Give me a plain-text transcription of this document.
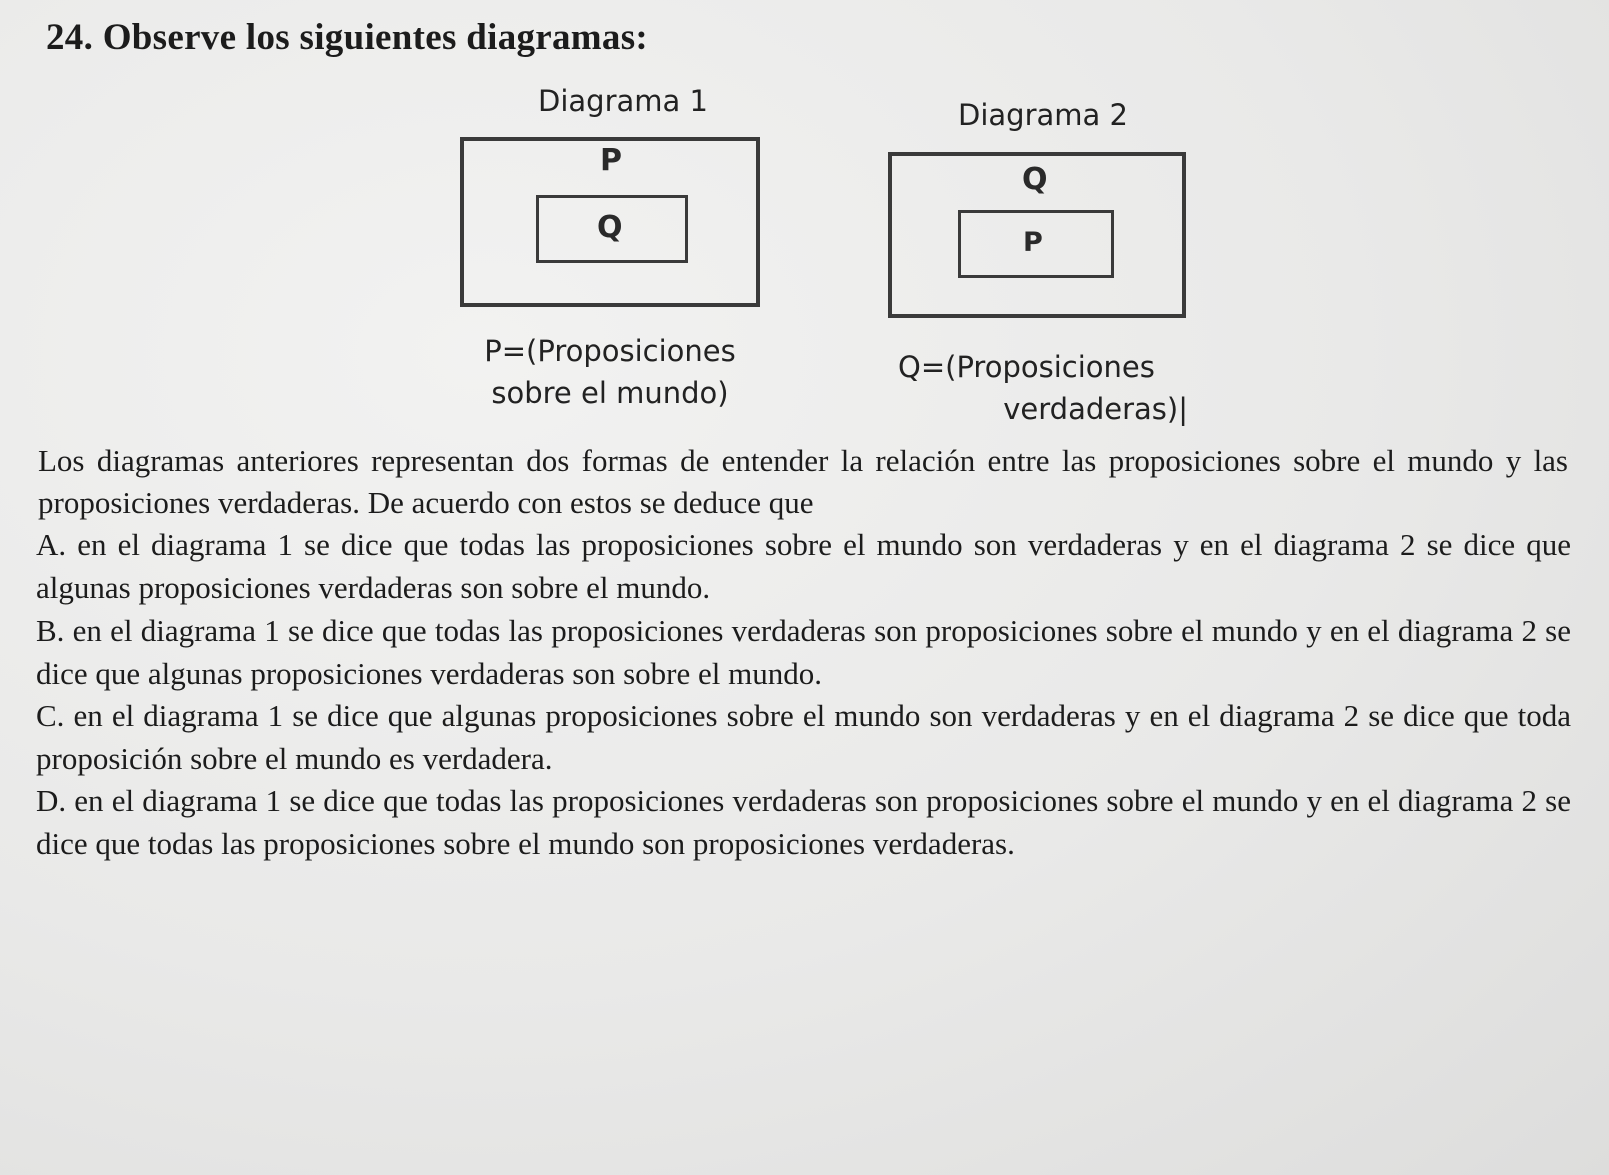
24. Observe los siguientes diagramas:
Diagrama 1
P
Q
P=(Proposiciones
sobre el mundo)
Diagrama 2
Q
P
Q=(Proposiciones
verdaderas)|
Los diagramas anteriores representan dos formas de entender la relación entre las proposiciones sobre el mundo y las proposiciones verdaderas. De acuerdo con estos se deduce que
A. en el diagrama 1 se dice que todas las proposiciones sobre el mundo son verdaderas y en el diagrama 2 se dice que algunas proposiciones verdaderas son sobre el mundo.
B. en el diagrama 1 se dice que todas las proposiciones verdaderas son proposiciones sobre el mundo y en el diagrama 2 se dice que algunas proposiciones verdaderas son sobre el mundo.
C. en el diagrama 1 se dice que algunas proposiciones sobre el mundo son verdaderas y en el diagrama 2 se dice que toda proposición sobre el mundo es verdadera.
D. en el diagrama 1 se dice que todas las proposiciones verdaderas son proposiciones sobre el mundo y en el diagrama 2 se dice que todas las proposiciones sobre el mundo son proposiciones verdaderas.
